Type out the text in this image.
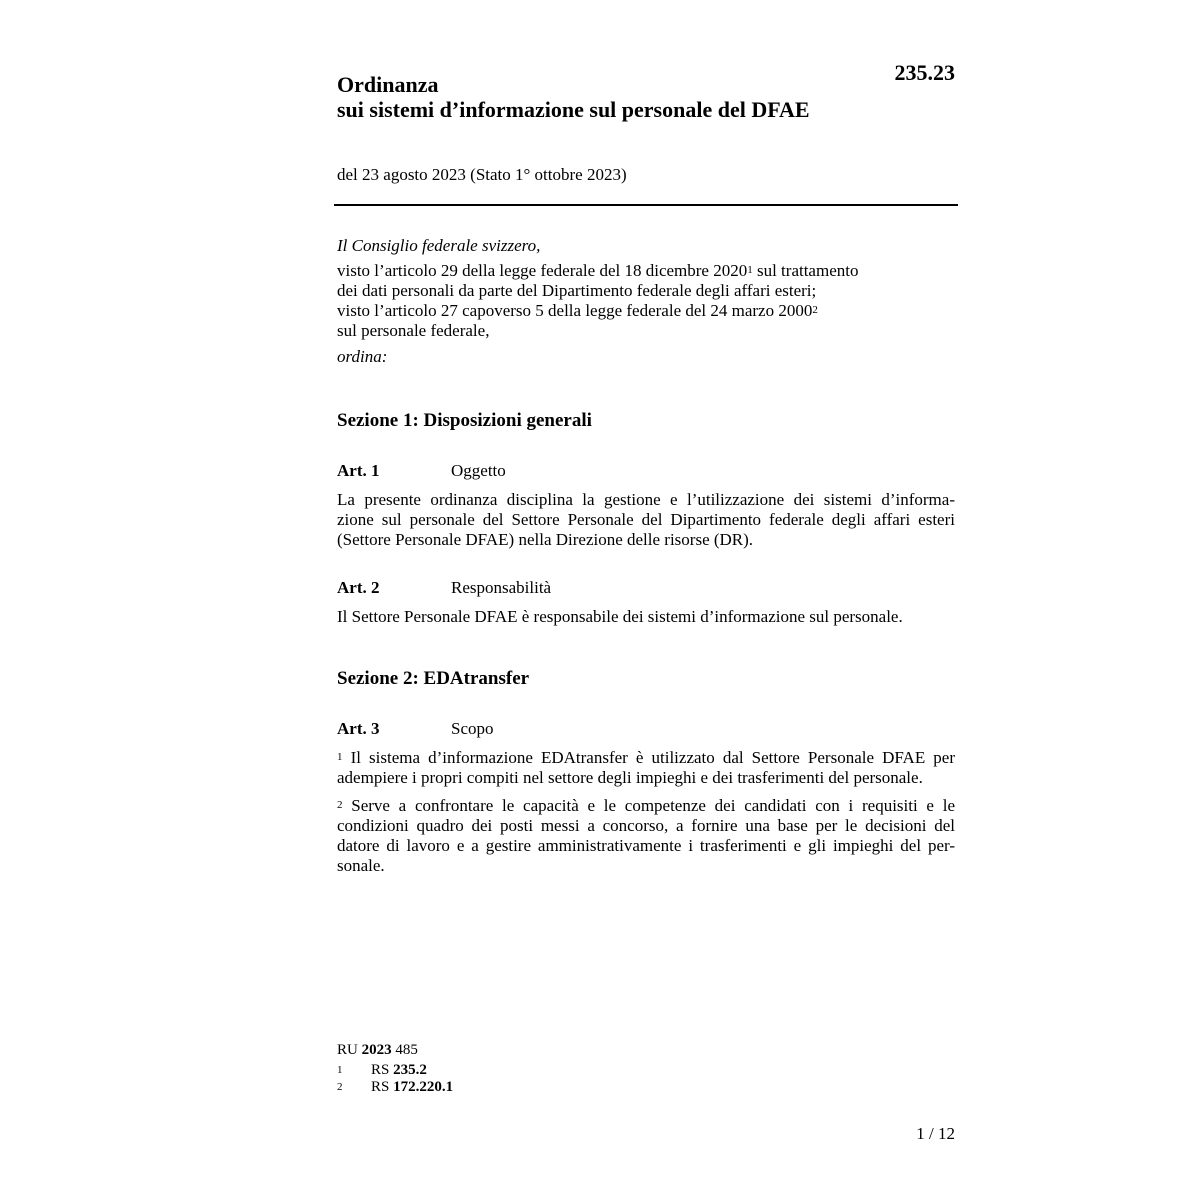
235.23
Ordinanza
sui sistemi d’informazione sul personale del DFAE
del 23 agosto 2023 (Stato 1° ottobre 2023)
Il Consiglio federale svizzero,
visto l’articolo 29 della legge federale del 18 dicembre 2020$^1$ sul trattamento
dei dati personali da parte del Dipartimento federale degli affari esteri;
visto l’articolo 27 capoverso 5 della legge federale del 24 marzo 2000$^2$
sul personale federale,
ordina:
Sezione 1: Disposizioni generali
Art. 1	Oggetto
La presente ordinanza disciplina la gestione e l’utilizzazione dei sistemi d’informa-
zione sul personale del Settore Personale del Dipartimento federale degli affari esteri
(Settore Personale DFAE) nella Direzione delle risorse (DR).
Art. 2	Responsabilità
Il Settore Personale DFAE è responsabile dei sistemi d’informazione sul personale.
Sezione 2: EDAtransfer
Art. 3	Scopo
$^1$ Il sistema d’informazione EDAtransfer è utilizzato dal Settore Personale DFAE per
adempiere i propri compiti nel settore degli impieghi e dei trasferimenti del personale.
$^2$ Serve a confrontare le capacità e le competenze dei candidati con i requisiti e le
condizioni quadro dei posti messi a concorso, a fornire una base per le decisioni del
datore di lavoro e a gestire amministrativamente i trasferimenti e gli impieghi del per-
sonale.
RU 2023 485
1 RS 235.2
2 RS 172.220.1
1 / 12
